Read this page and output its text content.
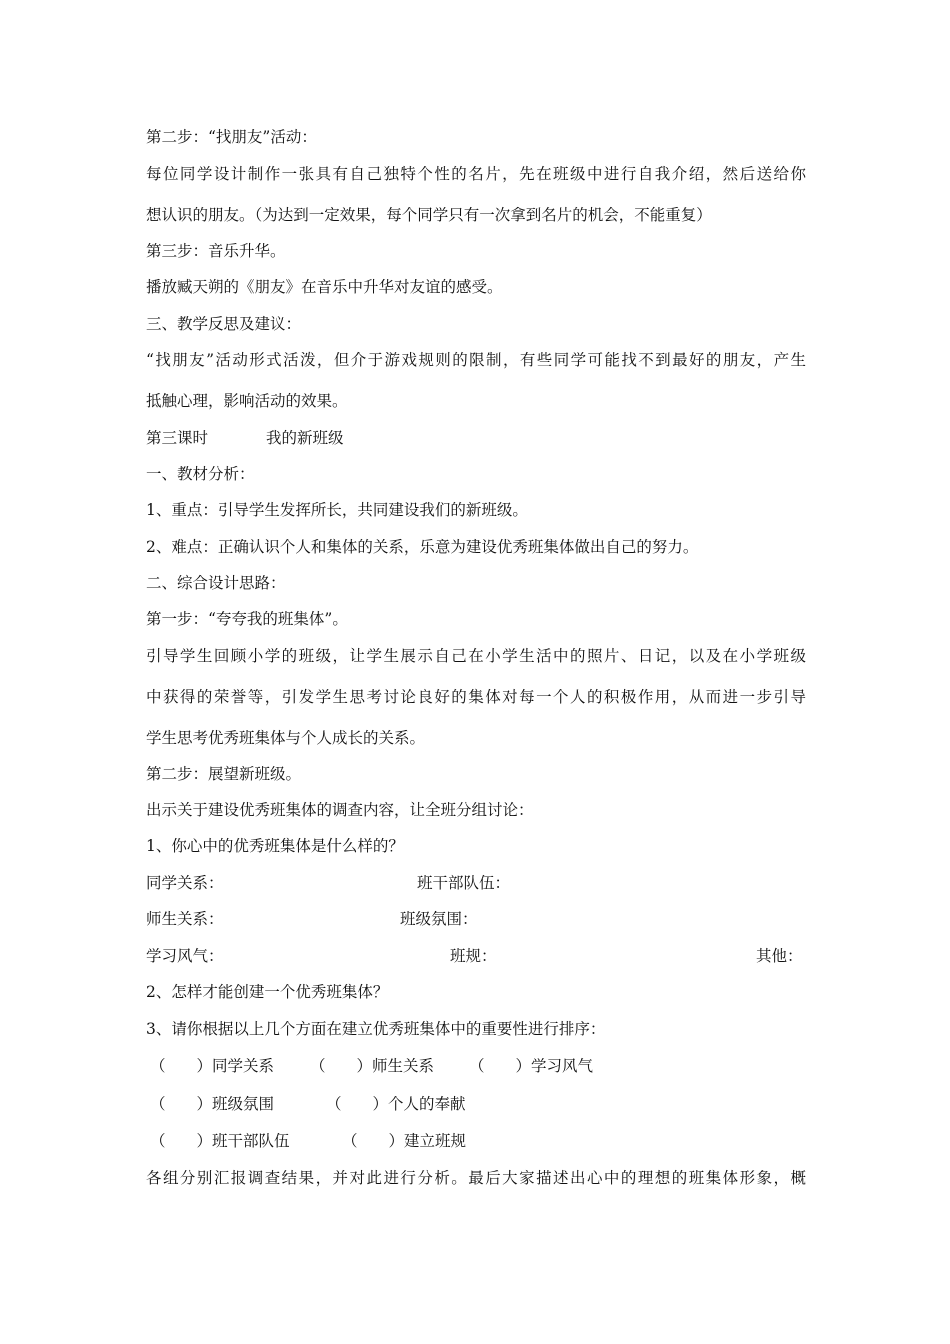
第二步：“找朋友”活动：
每位同学设计制作一张具有自己独特个性的名片，先在班级中进行自我介绍，然后送给你
想认识的朋友。（为达到一定效果，每个同学只有一次拿到名片的机会，不能重复）
第三步：音乐升华。
播放臧天朔的《朋友》在音乐中升华对友谊的感受。
三、教学反思及建议：
“找朋友”活动形式活泼，但介于游戏规则的限制，有些同学可能找不到最好的朋友，产生
抵触心理，影响活动的效果。
第三课时	我的新班级
一、教材分析：
1、重点：引导学生发挥所长，共同建设我们的新班级。
2、难点：正确认识个人和集体的关系，乐意为建设优秀班集体做出自己的努力。
二、综合设计思路：
第一步：“夸夸我的班集体”。
引导学生回顾小学的班级，让学生展示自己在小学生活中的照片、日记，以及在小学班级
中获得的荣誉等，引发学生思考讨论良好的集体对每一个人的积极作用，从而进一步引导
学生思考优秀班集体与个人成长的关系。
第二步：展望新班级。
出示关于建设优秀班集体的调查内容，让全班分组讨论：
1、你心中的优秀班集体是什么样的？
同学关系：	班干部队伍：
师生关系：	班级氛围：
学习风气：	班规：	其他：
2、怎样才能创建一个优秀班集体？
3、请你根据以上几个方面在建立优秀班集体中的重要性进行排序：
（　　）同学关系 （　　）师生关系 （　　）学习风气
（　　）班级氛围	（　　）个人的奉献
（　　）班干部队伍	（　　）建立班规
各组分别汇报调查结果，并对此进行分析。最后大家描述出心中的理想的班集体形象，概
